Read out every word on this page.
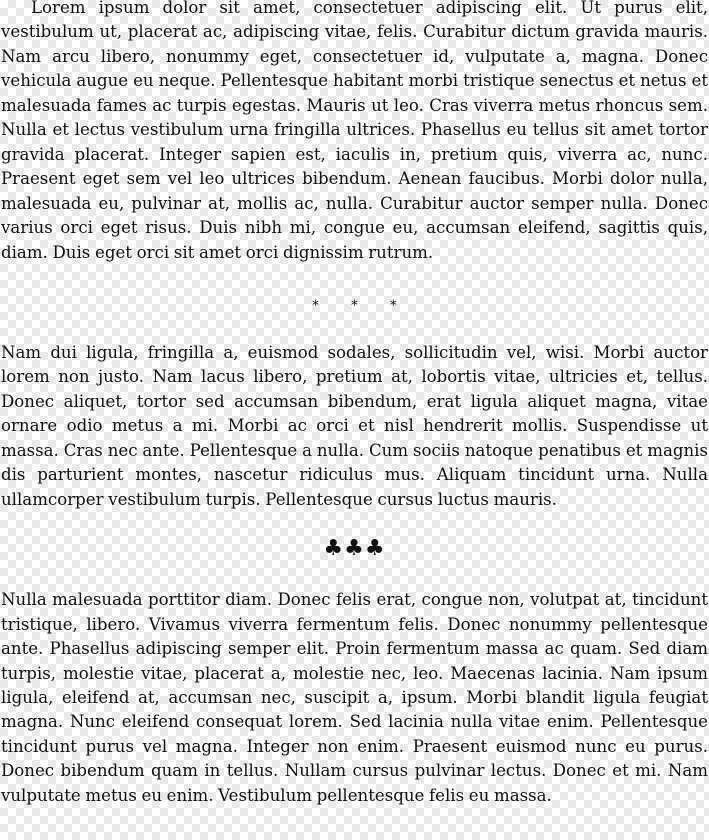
Lorem ipsum dolor sit amet, consectetuer adipiscing elit. Ut purus elit, vestibulum ut, placerat ac, adipiscing vitae, felis. Curabitur dictum gravida mauris. Nam arcu libero, nonummy eget, consectetuer id, vulputate a, magna. Donec vehicula augue eu neque. Pellentesque habitant morbi tristique senectus et netus et malesuada fames ac turpis egestas. Mauris ut leo. Cras viverra metus rhoncus sem. Nulla et lectus vestibulum urna fringilla ultrices. Phasellus eu tellus sit amet tortor gravida placerat. Integer sapien est, iaculis in, pretium quis, viverra ac, nunc. Praesent eget sem vel leo ultrices bibendum. Aenean faucibus. Morbi dolor nulla, malesuada eu, pulvinar at, mollis ac, nulla. Curabitur auctor semper nulla. Donec varius orci eget risus. Duis nibh mi, congue eu, accumsan eleifend, sagittis quis, diam. Duis eget orci sit amet orci dignissim rutrum.

∗ ∗ ∗

Nam dui ligula, fringilla a, euismod sodales, sollicitudin vel, wisi. Morbi auctor lorem non justo. Nam lacus libero, pretium at, lobortis vitae, ultricies et, tellus. Donec aliquet, tortor sed accumsan bibendum, erat ligula aliquet magna, vitae ornare odio metus a mi. Morbi ac orci et nisl hendrerit mollis. Suspendisse ut massa. Cras nec ante. Pellentesque a nulla. Cum sociis natoque penatibus et magnis dis parturient montes, nascetur ridiculus mus. Aliquam tincidunt urna. Nulla ullamcorper vestibulum turpis. Pellentesque cursus luctus mauris.

♣♣♣

Nulla malesuada porttitor diam. Donec felis erat, congue non, volutpat at, tincidunt tristique, libero. Vivamus viverra fermentum felis. Donec nonummy pellentesque ante. Phasellus adipiscing semper elit. Proin fermentum massa ac quam. Sed diam turpis, molestie vitae, placerat a, molestie nec, leo. Maecenas lacinia. Nam ipsum ligula, eleifend at, accumsan nec, suscipit a, ipsum. Morbi blandit ligula feugiat magna. Nunc eleifend consequat lorem. Sed lacinia nulla vitae enim. Pellentesque tincidunt purus vel magna. Integer non enim. Praesent euismod nunc eu purus. Donec bibendum quam in tellus. Nullam cursus pulvinar lectus. Donec et mi. Nam vulputate metus eu enim. Vestibulum pellentesque felis eu massa.
